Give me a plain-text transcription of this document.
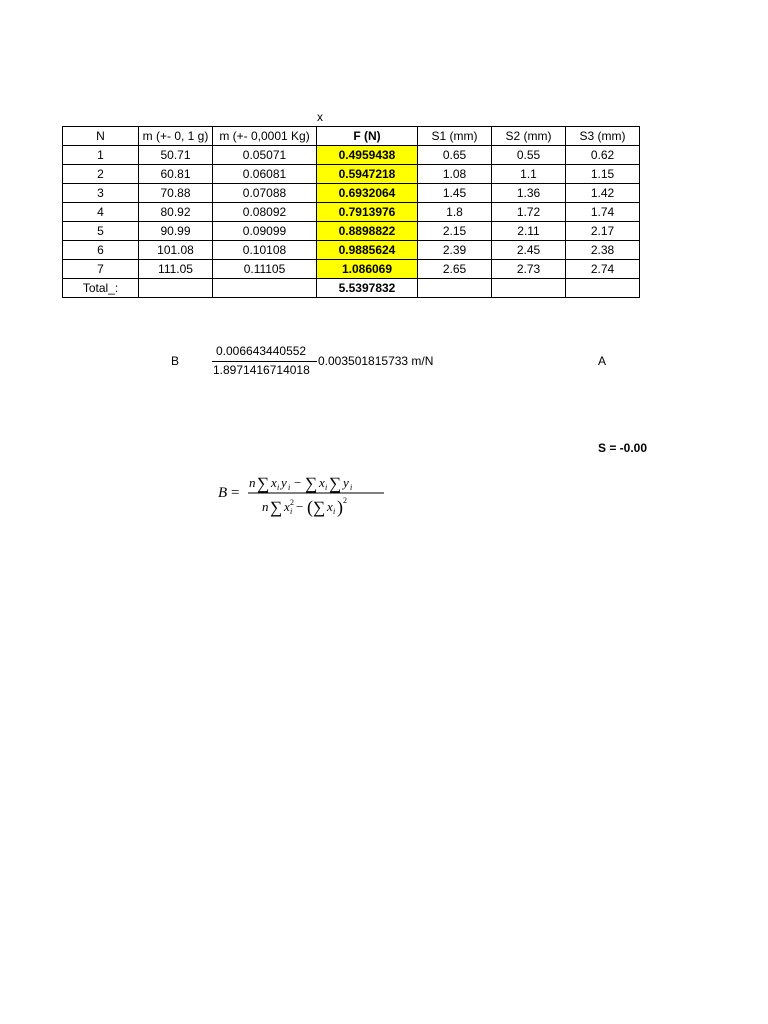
x
N	m (+- 0, 1 g)	m (+- 0,0001 Kg)	F (N)	S1 (mm)	S2 (mm)	S3 (mm)
1	50.71	0.05071	0.4959438	0.65	0.55	0.62
2	60.81	0.06081	0.5947218	1.08	1.1	1.15
3	70.88	0.07088	0.6932064	1.45	1.36	1.42
4	80.92	0.08092	0.7913976	1.8	1.72	1.74
5	90.99	0.09099	0.8898822	2.15	2.11	2.17
6	101.08	0.10108	0.9885624	2.39	2.45	2.38
7	111.05	0.11105	1.086069	2.65	2.73	2.74
Total_:			5.5397832			
B
0.006643440552
1.8971416714018
0.003501815733 m/N	A
S = -0.00
B =
n ∑ x i y i − ∑ x i ∑ y i
n ∑ x 2
i − ( ∑ x i ) 2
